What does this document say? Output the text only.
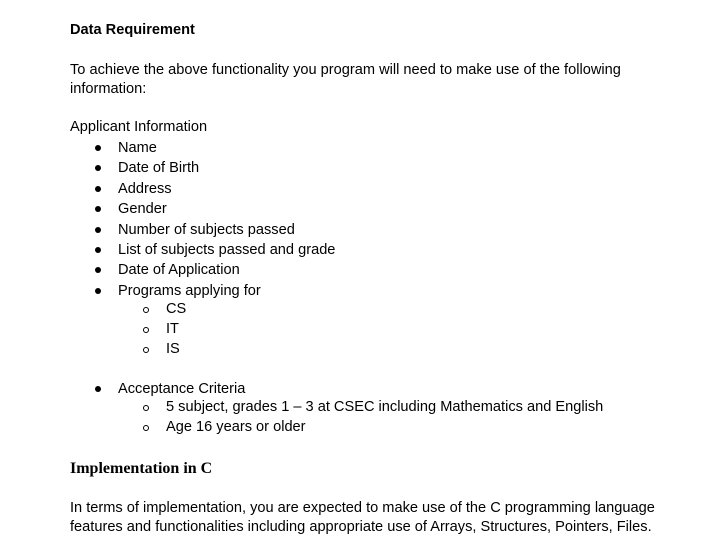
Data Requirement
To achieve the above functionality you program will need to make use of the following
information:
Applicant Information
Name
Date of Birth
Address
Gender
Number of subjects passed
List of subjects passed and grade
Date of Application
Programs applying for
CS
IT
IS
Acceptance Criteria
5 subject, grades 1 – 3 at CSEC including Mathematics and English
Age 16 years or older
Implementation in C
In terms of implementation, you are expected to make use of the C programming language
features and functionalities including appropriate use of Arrays, Structures, Pointers, Files.
